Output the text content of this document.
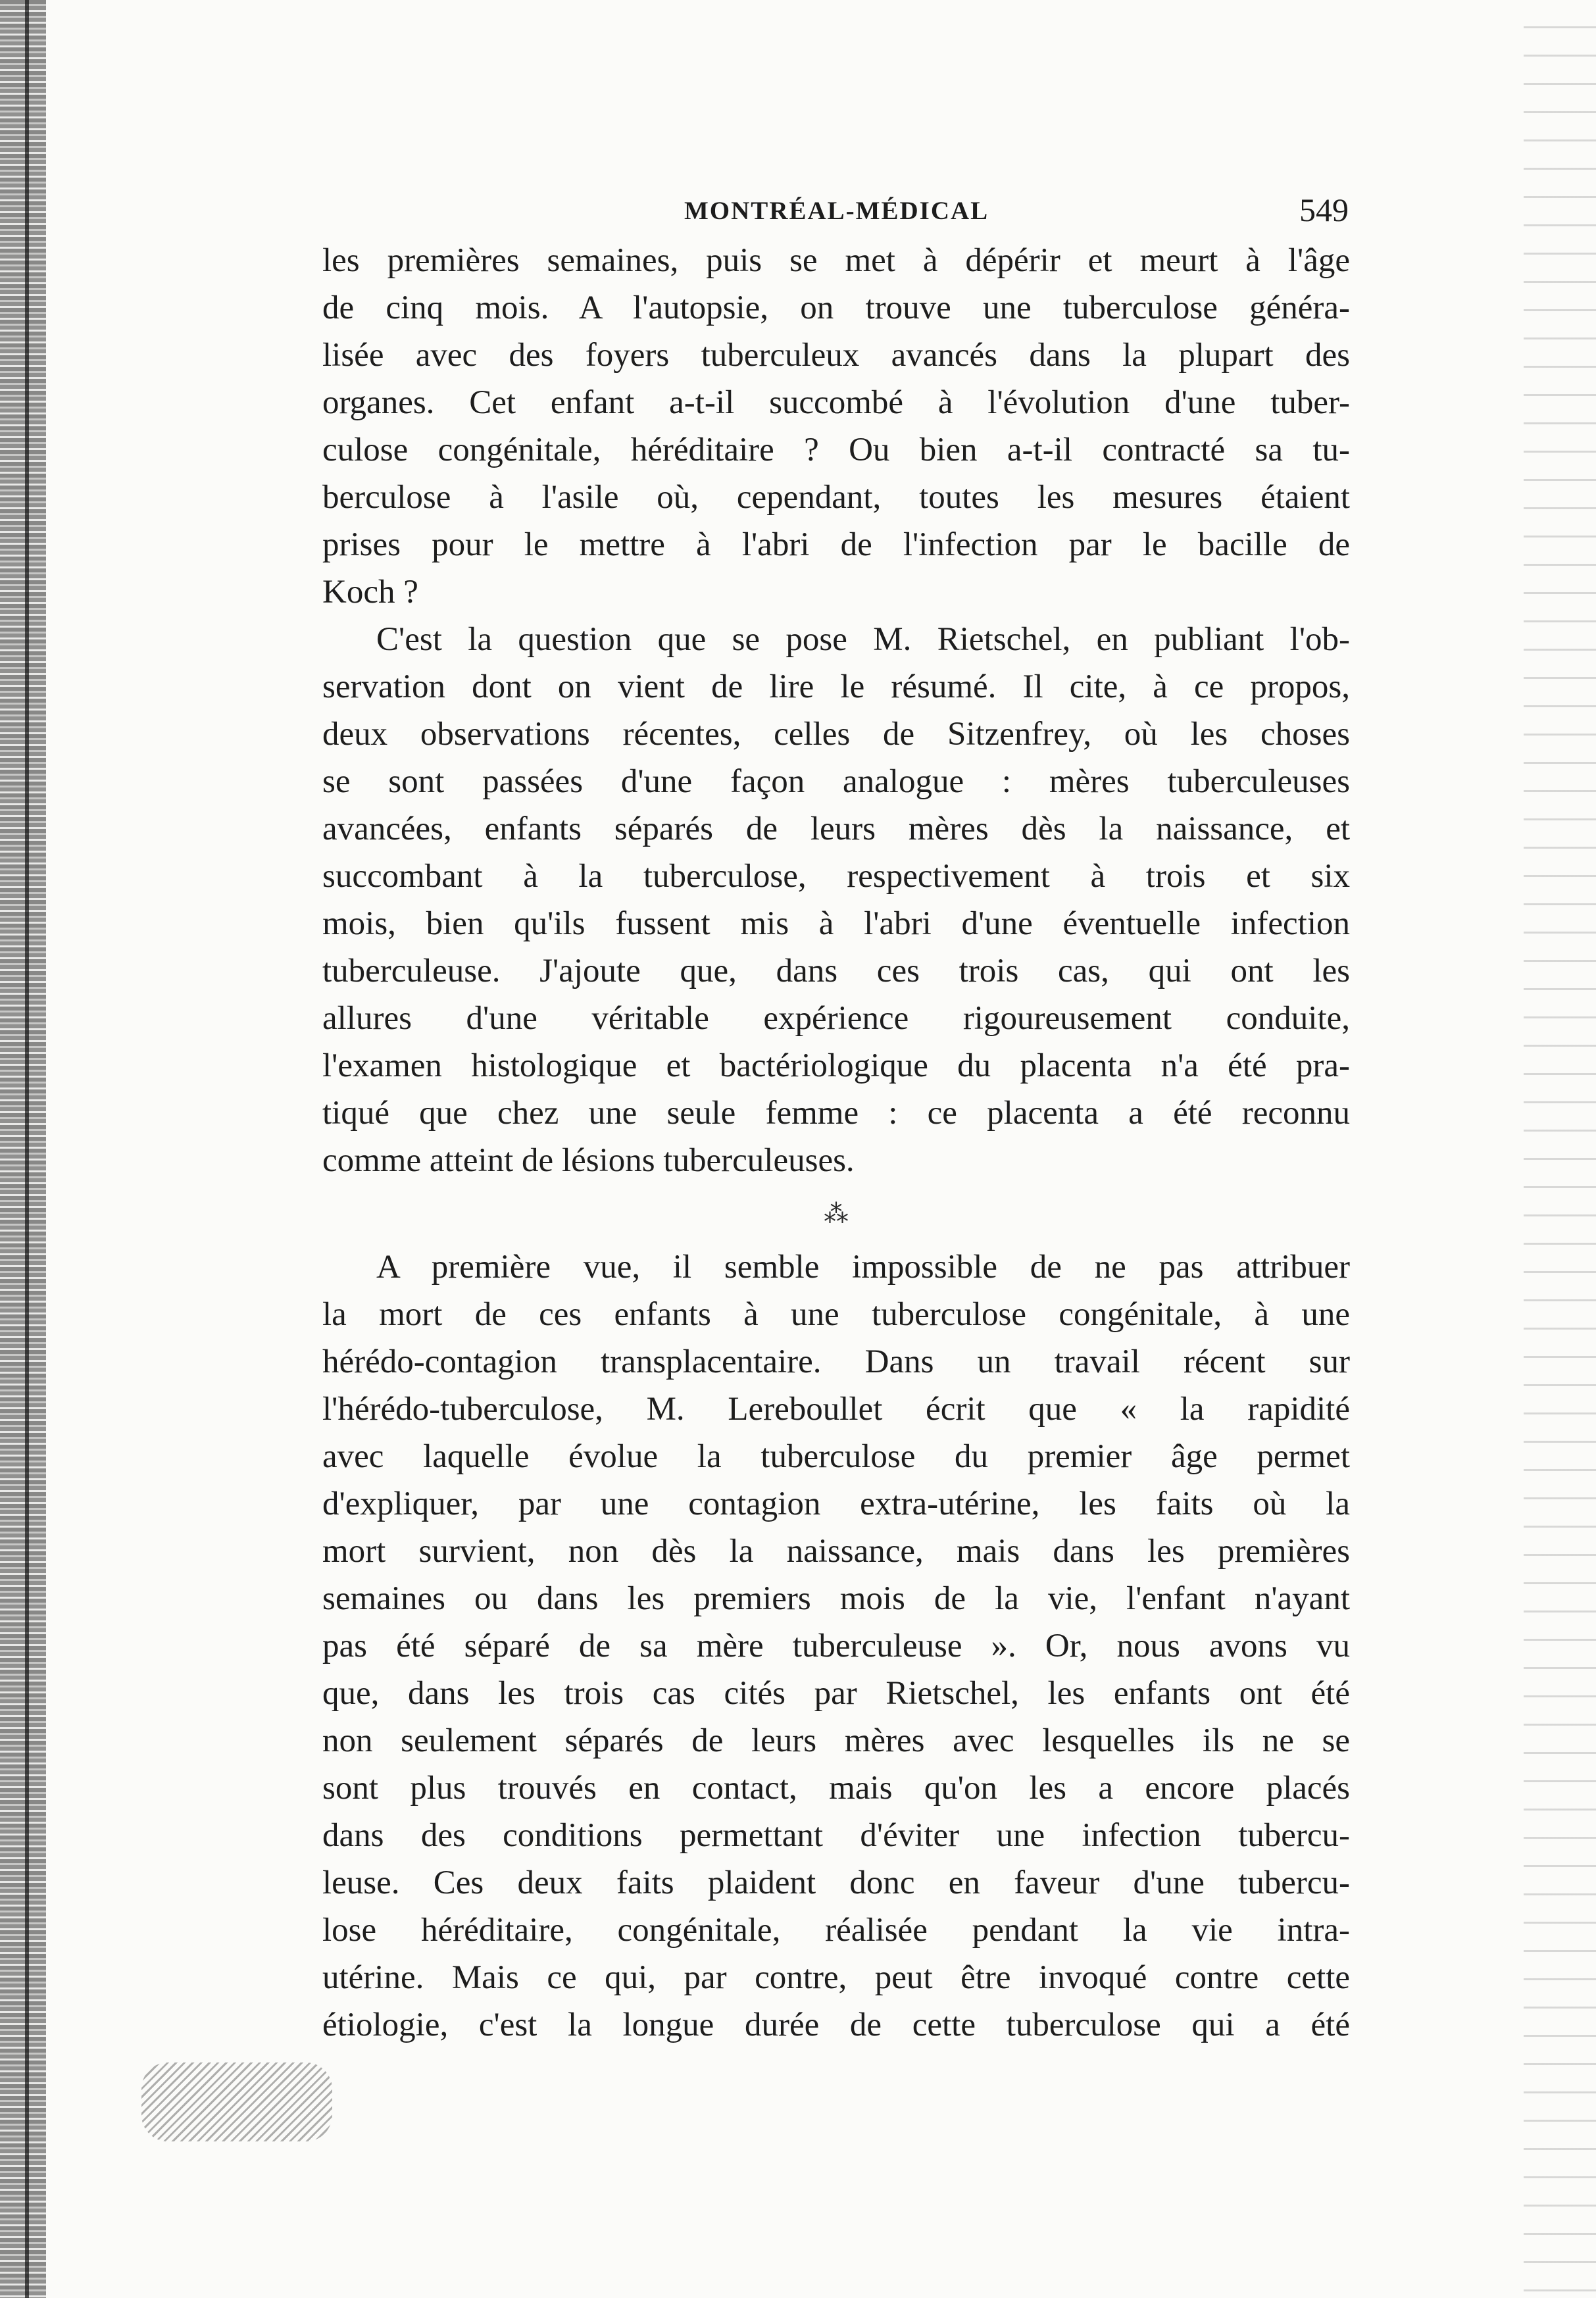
MONTRÉAL-MÉDICAL	549
les premières semaines, puis se met à dépérir et meurt à l'âge
de cinq mois. A l'autopsie, on trouve une tuberculose généra-
lisée avec des foyers tuberculeux avancés dans la plupart des
organes. Cet enfant a-t-il succombé à l'évolution d'une tuber-
culose congénitale, héréditaire ? Ou bien a-t-il contracté sa tu-
berculose à l'asile où, cependant, toutes les mesures étaient
prises pour le mettre à l'abri de l'infection par le bacille de
Koch ?
C'est la question que se pose M. Rietschel, en publiant l'ob-
servation dont on vient de lire le résumé. Il cite, à ce propos,
deux observations récentes, celles de Sitzenfrey, où les choses
se sont passées d'une façon analogue : mères tuberculeuses
avancées, enfants séparés de leurs mères dès la naissance, et
succombant à la tuberculose, respectivement à trois et six
mois, bien qu'ils fussent mis à l'abri d'une éventuelle infection
tuberculeuse. J'ajoute que, dans ces trois cas, qui ont les
allures d'une véritable expérience rigoureusement conduite,
l'examen histologique et bactériologique du placenta n'a été pra-
tiqué que chez une seule femme : ce placenta a été reconnu
comme atteint de lésions tuberculeuses.
⁂
A première vue, il semble impossible de ne pas attribuer
la mort de ces enfants à une tuberculose congénitale, à une
hérédo-contagion transplacentaire. Dans un travail récent sur
l'hérédo-tuberculose, M. Lereboullet écrit que « la rapidité
avec laquelle évolue la tuberculose du premier âge permet
d'expliquer, par une contagion extra-utérine, les faits où la
mort survient, non dès la naissance, mais dans les premières
semaines ou dans les premiers mois de la vie, l'enfant n'ayant
pas été séparé de sa mère tuberculeuse ». Or, nous avons vu
que, dans les trois cas cités par Rietschel, les enfants ont été
non seulement séparés de leurs mères avec lesquelles ils ne se
sont plus trouvés en contact, mais qu'on les a encore placés
dans des conditions permettant d'éviter une infection tubercu-
leuse. Ces deux faits plaident donc en faveur d'une tubercu-
lose héréditaire, congénitale, réalisée pendant la vie intra-
utérine. Mais ce qui, par contre, peut être invoqué contre cette
étiologie, c'est la longue durée de cette tuberculose qui a été
